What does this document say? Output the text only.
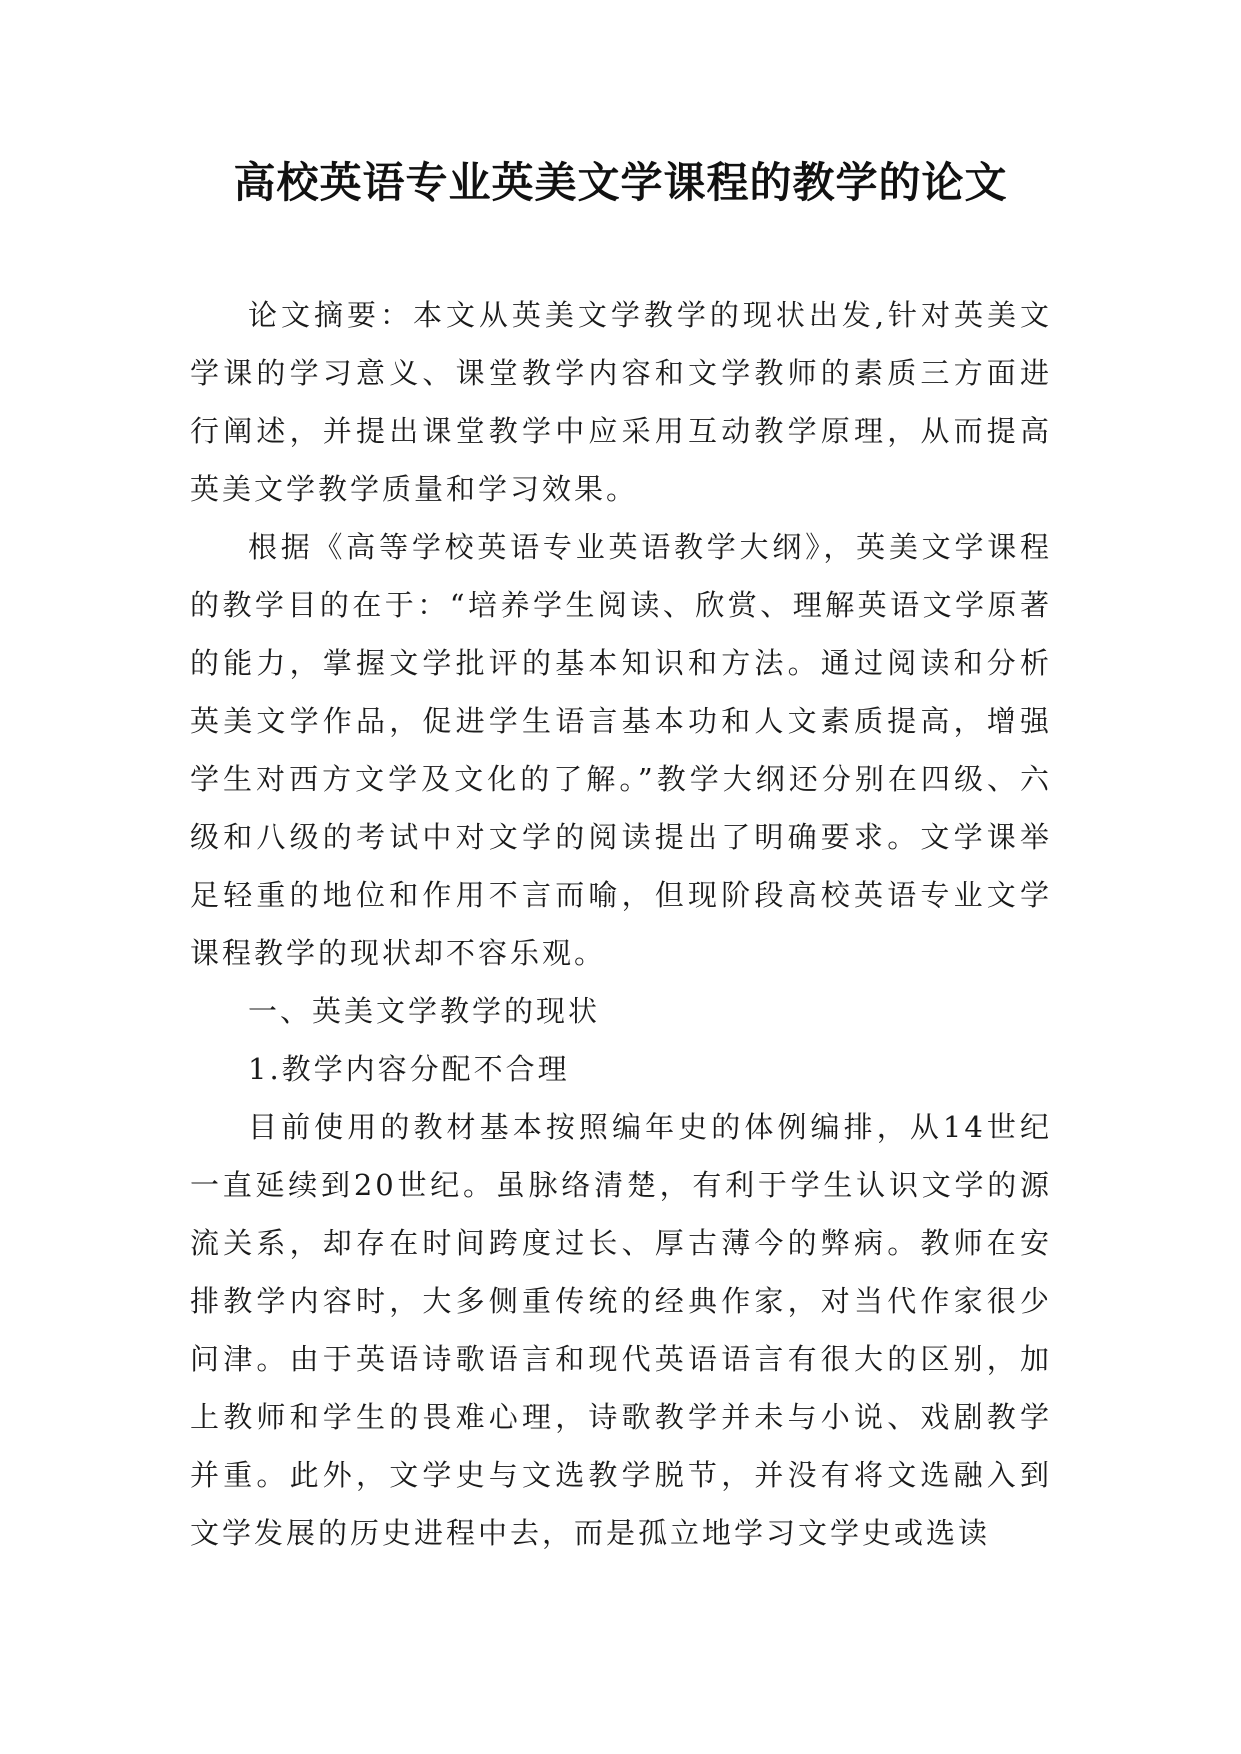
高校英语专业英美文学课程的教学的论文

论文摘要：本文从英美文学教学的现状出发,针对英美文学课的学习意义、课堂教学内容和文学教师的素质三方面进行阐述，并提出课堂教学中应采用互动教学原理，从而提高英美文学教学质量和学习效果。

根据《高等学校英语专业英语教学大纲》，英美文学课程的教学目的在于：“培养学生阅读、欣赏、理解英语文学原著的能力，掌握文学批评的基本知识和方法。通过阅读和分析英美文学作品，促进学生语言基本功和人文素质提高，增强学生对西方文学及文化的了解。”教学大纲还分别在四级、六级和八级的考试中对文学的阅读提出了明确要求。文学课举足轻重的地位和作用不言而喻，但现阶段高校英语专业文学课程教学的现状却不容乐观。

一、英美文学教学的现状

1.教学内容分配不合理

目前使用的教材基本按照编年史的体例编排，从14世纪一直延续到20世纪。虽脉络清楚，有利于学生认识文学的源流关系，却存在时间跨度过长、厚古薄今的弊病。教师在安排教学内容时，大多侧重传统的经典作家，对当代作家很少问津。由于英语诗歌语言和现代英语语言有很大的区别，加上教师和学生的畏难心理，诗歌教学并未与小说、戏剧教学并重。此外，文学史与文选教学脱节，并没有将文选融入到文学发展的历史进程中去，而是孤立地学习文学史或选读
